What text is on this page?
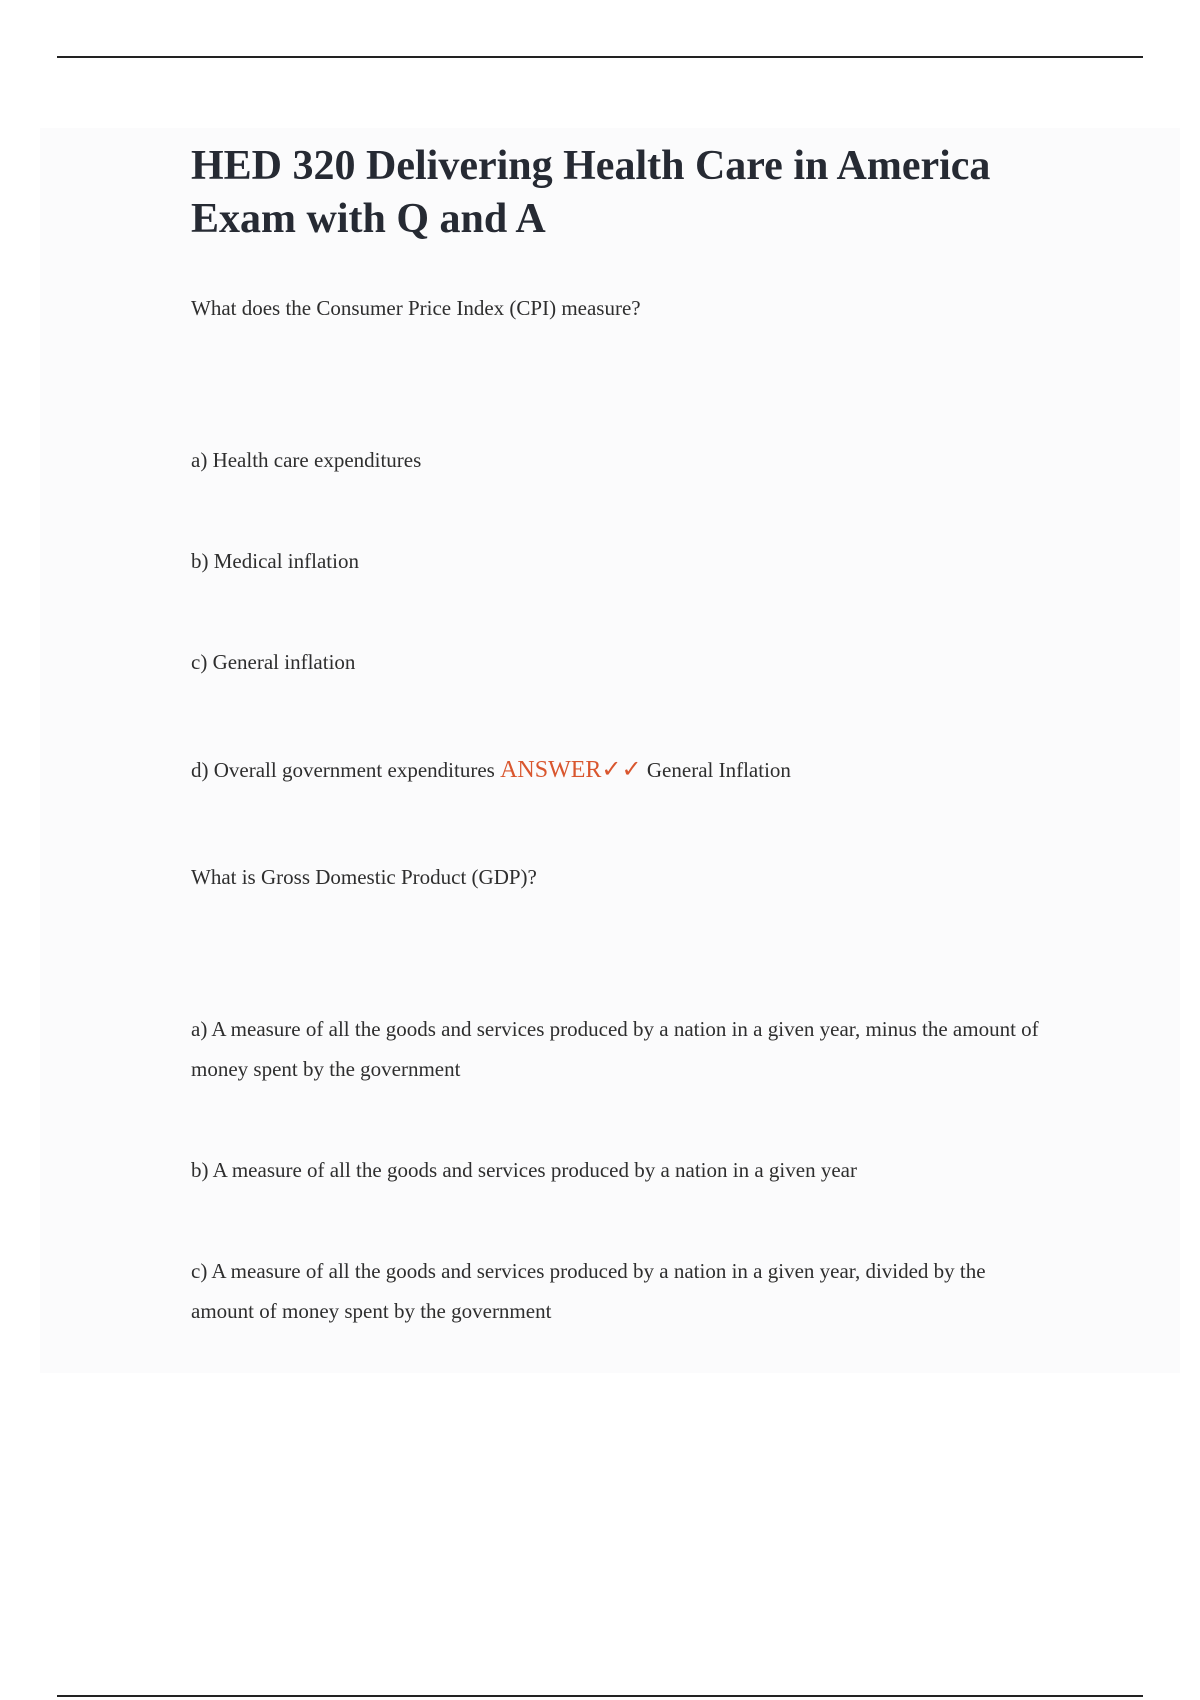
HED 320 Delivering Health Care in America Exam with Q and A

What does the Consumer Price Index (CPI) measure?

a) Health care expenditures

b) Medical inflation

c) General inflation

d) Overall government expenditures ANSWER✓✓ General Inflation

What is Gross Domestic Product (GDP)?

a) A measure of all the goods and services produced by a nation in a given year, minus the amount of money spent by the government

b) A measure of all the goods and services produced by a nation in a given year

c) A measure of all the goods and services produced by a nation in a given year, divided by the amount of money spent by the government
